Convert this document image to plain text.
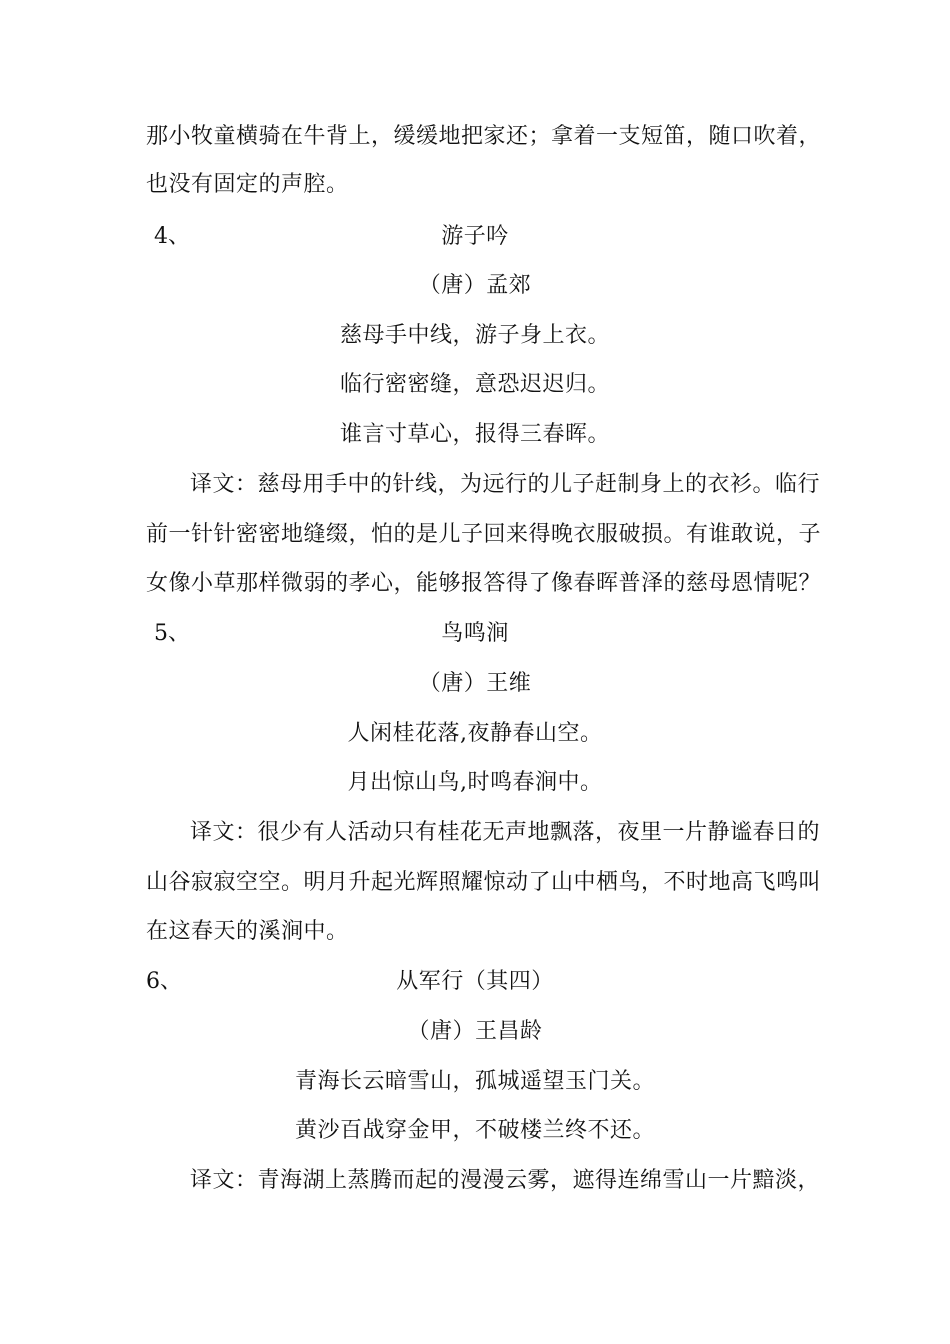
那小牧童横骑在牛背上，缓缓地把家还；拿着一支短笛，随口吹着，
也没有固定的声腔。
4、	游子吟
（唐）孟郊
慈母手中线，游子身上衣。
临行密密缝，意恐迟迟归。
谁言寸草心，报得三春晖。
译文：慈母用手中的针线，为远行的儿子赶制身上的衣衫。临行
前一针针密密地缝缀，怕的是儿子回来得晚衣服破损。有谁敢说，子
女像小草那样微弱的孝心，能够报答得了像春晖普泽的慈母恩情呢？
5、	鸟鸣涧
（唐）王维
人闲桂花落,夜静春山空。
月出惊山鸟,时鸣春涧中。
译文：很少有人活动只有桂花无声地飘落，夜里一片静谧春日的
山谷寂寂空空。明月升起光辉照耀惊动了山中栖鸟，不时地高飞鸣叫
在这春天的溪涧中。
6、	从军行（其四）
（唐）王昌龄
青海长云暗雪山，孤城遥望玉门关。
黄沙百战穿金甲，不破楼兰终不还。
译文：青海湖上蒸腾而起的漫漫云雾，遮得连绵雪山一片黯淡，
